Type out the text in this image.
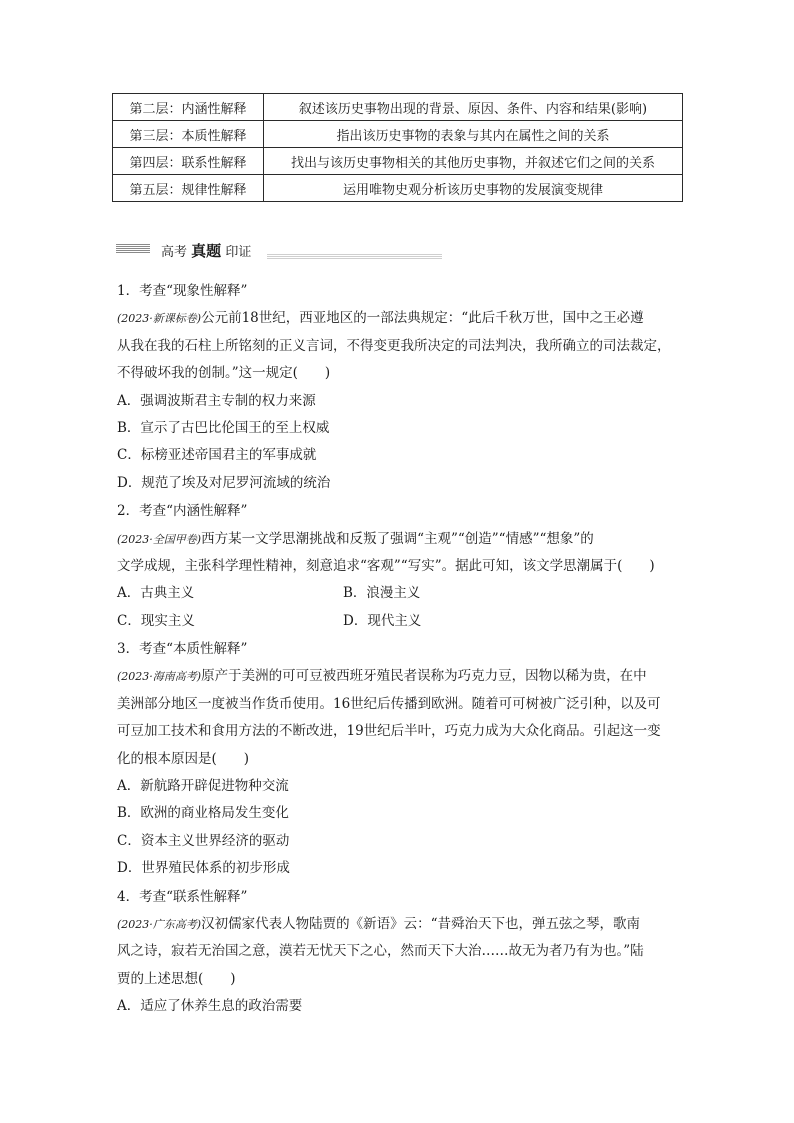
第二层：内涵性解释	叙述该历史事物出现的背景、原因、条件、内容和结果(影响)
第三层：本质性解释	指出该历史事物的表象与其内在属性之间的关系
第四层：联系性解释	找出与该历史事物相关的其他历史事物，并叙述它们之间的关系
第五层：规律性解释	运用唯物史观分析该历史事物的发展演变规律
高考 真题 印证
1．考查“现象性解释”
(2023·新课标卷)公元前18世纪，西亚地区的一部法典规定：“此后千秋万世，国中之王必遵
从我在我的石柱上所铭刻的正义言词，不得变更我所决定的司法判决，我所确立的司法裁定，
不得破坏我的创制。”这一规定(　　)
A．强调波斯君主专制的权力来源
B．宣示了古巴比伦国王的至上权威
C．标榜亚述帝国君主的军事成就
D．规范了埃及对尼罗河流域的统治
2．考查“内涵性解释”
(2023·全国甲卷)西方某一文学思潮挑战和反叛了强调“主观”“创造”“情感”“想象”的
文学成规，主张科学理性精神，刻意追求“客观”“写实”。据此可知，该文学思潮属于(　　)
A．古典主义	B．浪漫主义
C．现实主义	D．现代主义
3．考查“本质性解释”
(2023·海南高考)原产于美洲的可可豆被西班牙殖民者误称为巧克力豆，因物以稀为贵，在中
美洲部分地区一度被当作货币使用。16世纪后传播到欧洲。随着可可树被广泛引种，以及可
可豆加工技术和食用方法的不断改进，19世纪后半叶，巧克力成为大众化商品。引起这一变
化的根本原因是(　　)
A．新航路开辟促进物种交流
B．欧洲的商业格局发生变化
C．资本主义世界经济的驱动
D．世界殖民体系的初步形成
4．考查“联系性解释”
(2023·广东高考)汉初儒家代表人物陆贾的《新语》云：“昔舜治天下也，弹五弦之琴，歌南
风之诗，寂若无治国之意，漠若无忧天下之心，然而天下大治……故无为者乃有为也。”陆
贾的上述思想(　　)
A．适应了休养生息的政治需要
